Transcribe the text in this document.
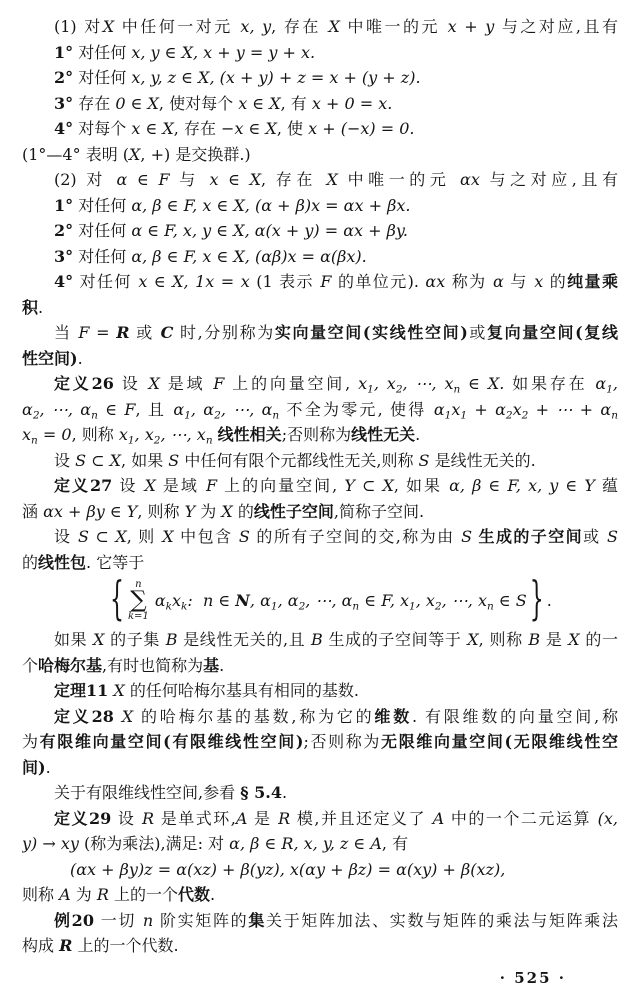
(1) 对X 中任何一对元 x, y, 存在 X 中唯一的元 x + y 与之对应,且有
1° 对任何 x, y ∈ X, x + y = y + x.
2° 对任何 x, y, z ∈ X, (x + y) + z = x + (y + z).
3° 存在 0 ∈ X, 使对每个 x ∈ X, 有 x + 0 = x.
4° 对每个 x ∈ X, 存在 −x ∈ X, 使 x + (−x) = 0.
(1°—4° 表明 (X, +) 是交换群.)
(2) 对 α ∈ F 与 x ∈ X, 存在 X 中唯一的元 αx 与之对应,且有
1° 对任何 α, β ∈ F, x ∈ X, (α + β)x = αx + βx.
2° 对任何 α ∈ F, x, y ∈ X, α(x + y) = αx + βy.
3° 对任何 α, β ∈ F, x ∈ X, (αβ)x = α(βx).
4° 对任何 x ∈ X, 1x = x (1 表示 F 的单位元). αx 称为 α 与 x 的纯量乘
积.
当 F = R 或 C 时,分别称为实向量空间(实线性空间)或复向量空间(复线
性空间).
定义26 设 X 是域 F 上的向量空间, $x_1$, $x_2$, ⋯, $x_n$ ∈ X. 如果存在 $\alpha_1$,
$\alpha_2$, ⋯, $\alpha_n$ ∈ F, 且 $\alpha_1$, $\alpha_2$, ⋯, $\alpha_n$ 不全为零元, 使得 $\alpha_1x_1 + \alpha_2x_2$ + ⋯ + $\alpha_n$
$x_n = 0$, 则称 $x_1$, $x_2$, ⋯, $x_n$ 线性相关;否则称为线性无关.
设 S ⊂ X, 如果 S 中任何有限个元都线性无关,则称 S 是线性无关的.
定义27 设 X 是域 F 上的向量空间, Y ⊂ X, 如果 α, β ∈ F, x, y ∈ Y 蕴
涵 αx + βy ∈ Y, 则称 Y 为 X 的线性子空间,简称子空间.
设 S ⊂ X, 则 X 中包含 S 的所有子空间的交,称为由 S 生成的子空间或 S
的线性包. 它等于
{ n
∑
k=1
$\alpha_kx_k$:  n ∈ N, $\alpha_1$, $\alpha_2$, ⋯, $\alpha_n$ ∈ F, $x_1$, $x_2$, ⋯, $x_n$ ∈ S } .
如果 X 的子集 B 是线性无关的,且 B 生成的子空间等于 X, 则称 B 是 X 的一
个哈梅尔基,有时也简称为基.
定理11 X 的任何哈梅尔基具有相同的基数.
定义28 X 的哈梅尔基的基数,称为它的维数. 有限维数的向量空间,称
为有限维向量空间(有限维线性空间);否则称为无限维向量空间(无限维线性空
间).
关于有限维线性空间,参看 § 5.4.
定义29 设 R 是单式环,A 是 R 模,并且还定义了 A 中的一个二元运算 (x,
y) → xy (称为乘法),满足: 对 α, β ∈ R, x, y, z ∈ A, 有
(αx + βy)z = α(xz) + β(yz), x(αy + βz) = α(xy) + β(xz),
则称 A 为 R 上的一个代数.
例20 一切 n 阶实矩阵的集关于矩阵加法、实数与矩阵的乘法与矩阵乘法
构成 R 上的一个代数.
· 525 ·
